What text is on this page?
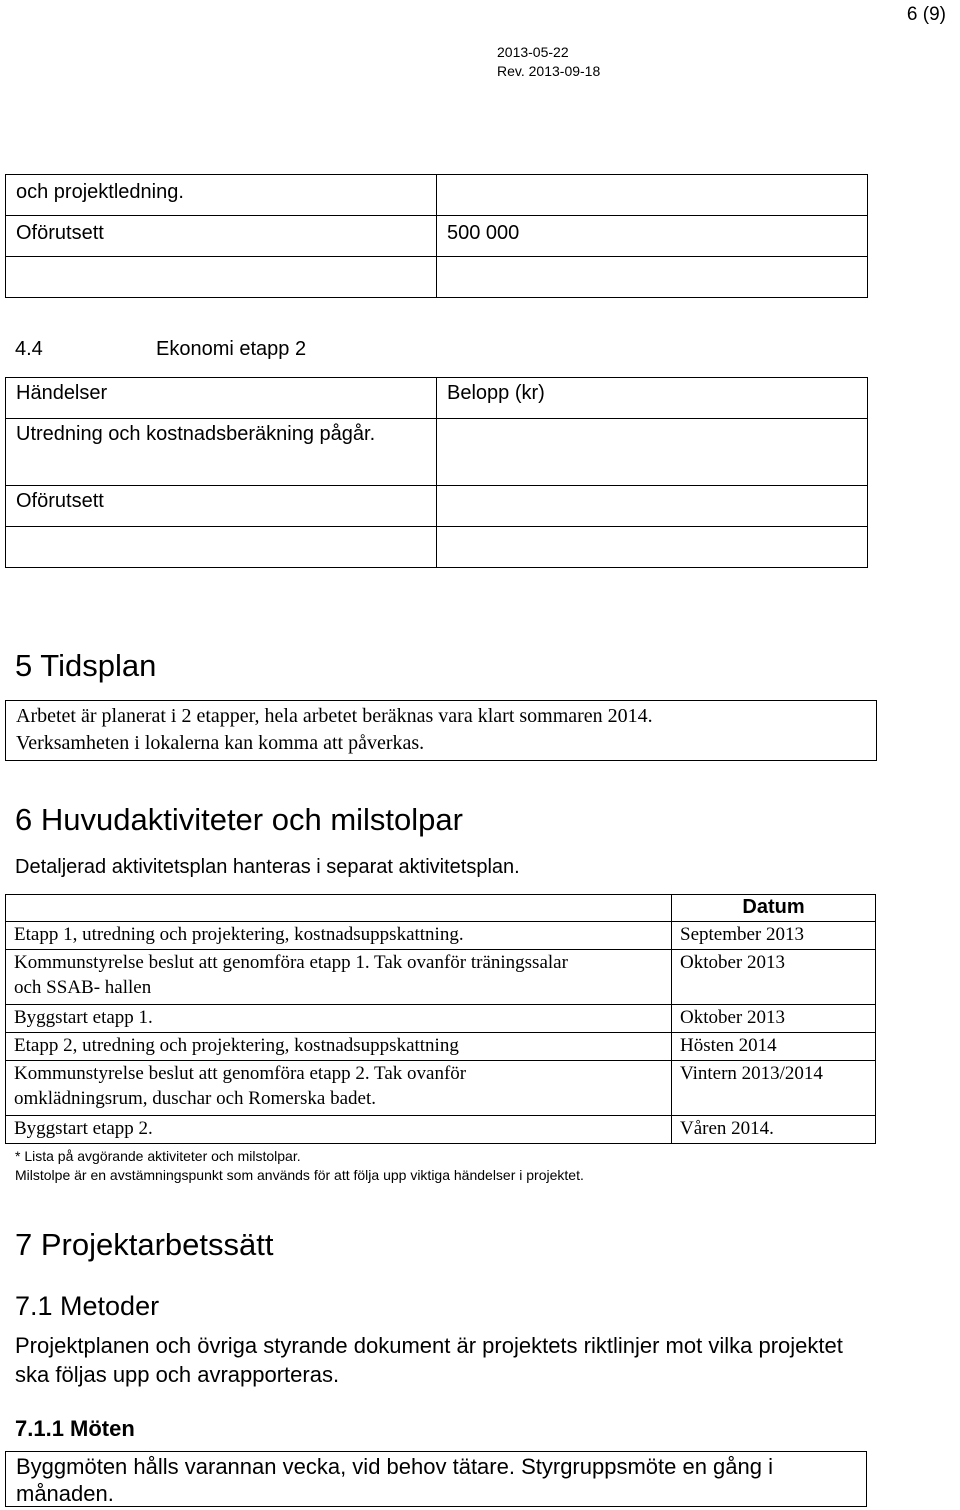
6 (9)
2013-05-22
Rev. 2013-09-18
och projektledning.	
Oförutsett	500 000

4.4	Ekonomi etapp 2
Händelser	Belopp (kr)
Utredning och kostnadsberäkning pågår.	
Oförutsett	

5 Tidsplan
Arbetet är planerat i 2 etapper, hela arbetet beräknas vara klart sommaren 2014.
Verksamheten i lokalerna kan komma att påverkas.
6 Huvudaktiviteter och milstolpar
Detaljerad aktivitetsplan hanteras i separat aktivitetsplan.
	Datum
Etapp 1, utredning och projektering, kostnadsuppskattning.	September 2013
Kommunstyrelse beslut att genomföra etapp 1. Tak ovanför träningssalar och SSAB- hallen	Oktober 2013
Byggstart etapp 1.	Oktober 2013
Etapp 2, utredning och projektering, kostnadsuppskattning	Hösten 2014
Kommunstyrelse beslut att genomföra etapp 2. Tak ovanför omklädningsrum, duschar och Romerska badet.	Vintern 2013/2014
Byggstart etapp 2.	Våren 2014.
* Lista på avgörande aktiviteter och milstolpar.
Milstolpe är en avstämningspunkt som används för att följa upp viktiga händelser i projektet.
7 Projektarbetssätt
7.1 Metoder
Projektplanen och övriga styrande dokument är projektets riktlinjer mot vilka projektet ska följas upp och avrapporteras.
7.1.1 Möten
Byggmöten hålls varannan vecka, vid behov tätare. Styrgruppsmöte en gång i månaden.
